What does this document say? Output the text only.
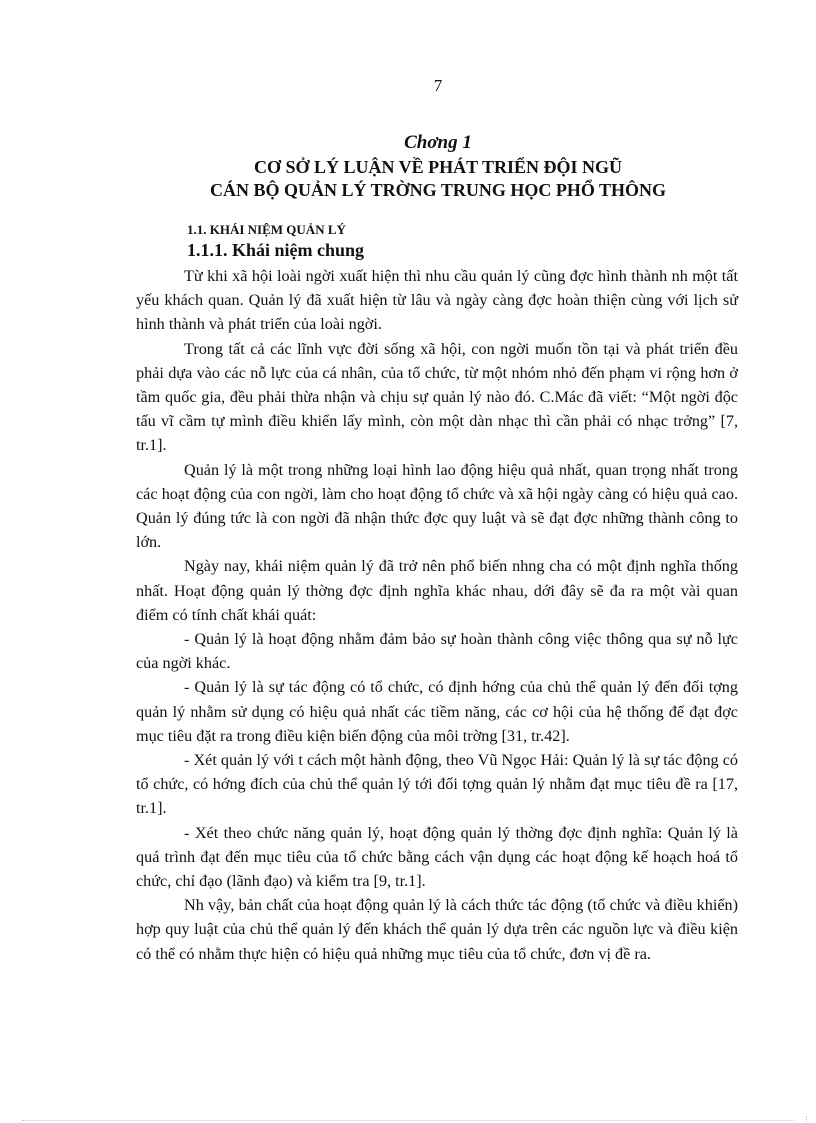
7
Chơng 1
CƠ SỞ LÝ LUẬN VỀ PHÁT TRIỂN ĐỘI NGŨ
CÁN BỘ QUẢN LÝ TRỜNG TRUNG HỌC PHỔ THÔNG
1.1. KHÁI NIỆM QUẢN LÝ
1.1.1. Khái niệm chung

Từ khi xã hội loài ngời xuất hiện thì nhu cầu quản lý cũng đợc hình thành nh một tất yếu khách quan. Quản lý đã xuất hiện từ lâu và ngày càng đợc hoàn thiện cùng với lịch sử hình thành và phát triển của loài ngời.

Trong tất cả các lĩnh vực đời sống xã hội, con ngời muốn tồn tại và phát triển đều phải dựa vào các nỗ lực của cá nhân, của tổ chức, từ một nhóm nhỏ đến phạm vi rộng hơn ở tầm quốc gia, đều phải thừa nhận và chịu sự quản lý nào đó. C.Mác đã viết: “Một ngời độc tấu vĩ cầm tự mình điều khiển lấy mình, còn một dàn nhạc thì cần phải có nhạc trởng” [7, tr.1].

Quản lý là một trong những loại hình lao động hiệu quả nhất, quan trọng nhất trong các hoạt động của con ngời, làm cho hoạt động tổ chức và xã hội ngày càng có hiệu quả cao. Quản lý đúng tức là con ngời đã nhận thức đợc quy luật và sẽ đạt đợc những thành công to lớn.

Ngày nay, khái niệm quản lý đã trở nên phổ biến nhng cha có một định nghĩa thống nhất. Hoạt động quản lý thờng đợc định nghĩa khác nhau, dới đây sẽ đa ra một vài quan điểm có tính chất khái quát:

- Quản lý là hoạt động nhằm đảm bảo sự hoàn thành công việc thông qua sự nỗ lực của ngời khác.

- Quản lý là sự tác động có tổ chức, có định hớng của chủ thể quản lý đến đối tợng quản lý nhằm sử dụng có hiệu quả nhất các tiềm năng, các cơ hội của hệ thống để đạt đợc mục tiêu đặt ra trong điều kiện biến động của môi trờng [31, tr.42].

- Xét quản lý với t cách một hành động, theo Vũ Ngọc Hải: Quản lý là sự tác động có tổ chức, có hớng đích của chủ thể quản lý tới đối tợng quản lý nhằm đạt mục tiêu đề ra [17, tr.1].

- Xét theo chức năng quản lý, hoạt động quản lý thờng đợc định nghĩa: Quản lý là quá trình đạt đến mục tiêu của tổ chức bằng cách vận dụng các hoạt động kế hoạch hoá tổ chức, chỉ đạo (lãnh đạo) và kiểm tra [9, tr.1].

Nh vậy, bản chất của hoạt động quản lý là cách thức tác động (tổ chức và điều khiển) hợp quy luật của chủ thể quản lý đến khách thể quản lý dựa trên các nguồn lực và điều kiện có thể có nhằm thực hiện có hiệu quả những mục tiêu của tổ chức, đơn vị đề ra.
